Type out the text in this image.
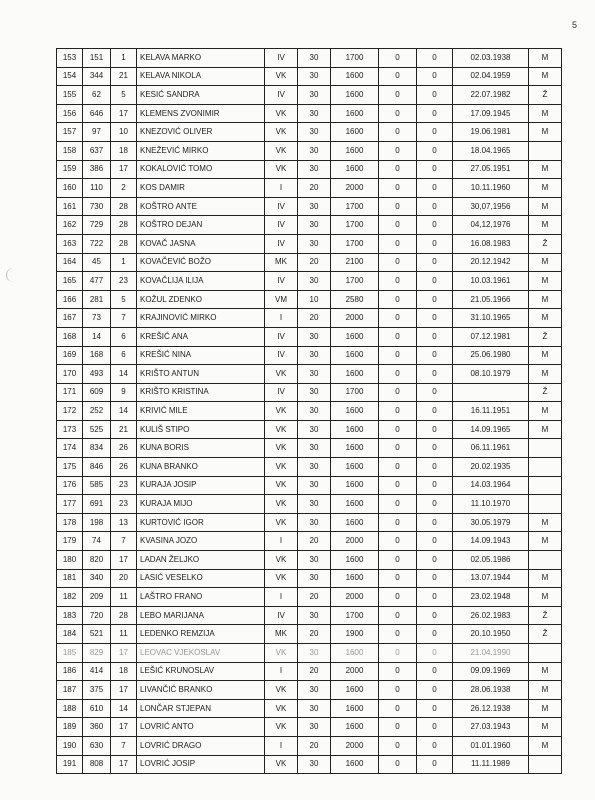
5
153	151	1	KELAVA MARKO	IV	30	1700	0	0	02.03.1938	M
154	344	21	KELAVA NIKOLA	VK	30	1600	0	0	02.04.1959	M
155	62	5	KESIĆ SANDRA	IV	30	1600	0	0	22.07.1982	Ž
156	646	17	KLEMENS ZVONIMIR	VK	30	1600	0	0	17.09.1945	M
157	97	10	KNEZOVIĆ OLIVER	VK	30	1600	0	0	19.06.1981	M
158	637	18	KNEŽEVIĆ MIRKO	VK	30	1600	0	0	18.04.1965	
159	386	17	KOKALOVIĆ TOMO	VK	30	1600	0	0	27.05.1951	M
160	110	2	KOS DAMIR	I	20	2000	0	0	10.11.1960	M
161	730	28	KOŠTRO ANTE	IV	30	1700	0	0	30,07,1956	M
162	729	28	KOŠTRO DEJAN	IV	30	1700	0	0	04,12,1976	M
163	722	28	KOVAČ JASNA	IV	30	1700	0	0	16.08.1983	Ž
164	45	1	KOVAČEVIĆ BOŽO	MK	20	2100	0	0	20.12.1942	M
165	477	23	KOVAČLIJA ILIJA	IV	30	1700	0	0	10.03.1961	M
166	281	5	KOŽUL ZDENKO	VM	10	2580	0	0	21.05.1966	M
167	73	7	KRAJINOVIĆ MIRKO	I	20	2000	0	0	31.10.1965	M
168	14	6	KREŠIĆ ANA	IV	30	1600	0	0	07.12.1981	Ž
169	168	6	KREŠIĆ NINA	IV	30	1600	0	0	25.06.1980	M
170	493	14	KRIŠTO ANTUN	VK	30	1600	0	0	08.10.1979	M
171	609	9	KRIŠTO KRISTINA	IV	30	1700	0	0		Ž
172	252	14	KRIVIĆ MILE	VK	30	1600	0	0	16.11.1951	M
173	525	21	KULIŠ STIPO	VK	30	1600	0	0	14.09.1965	M
174	834	26	KUNA BORIS	VK	30	1600	0	0	06.11.1961	
175	846	26	KUNA BRANKO	VK	30	1600	0	0	20.02.1935	
176	585	23	KURAJA JOSIP	VK	30	1600	0	0	14.03.1964	
177	691	23	KURAJA MIJO	VK	30	1600	0	0	11.10.1970	
178	198	13	KURTOVIĆ IGOR	VK	30	1600	0	0	30.05.1979	M
179	74	7	KVASINA JOZO	I	20	2000	0	0	14.09.1943	M
180	820	17	LADAN ŽELJKO	VK	30	1600	0	0	02.05.1986	
181	340	20	LASIĆ VESELKO	VK	30	1600	0	0	13.07.1944	M
182	209	11	LAŠTRO FRANO	I	20	2000	0	0	23.02.1948	M
183	720	28	LEBO MARIJANA	IV	30	1700	0	0	26.02.1983	Ž
184	521	11	LEDENKO REMZIJA	MK	20	1900	0	0	20.10.1950	Ž
185	829	17	LEOVAC VJEKOSLAV	VK	30	1600	0	0	21.04.1990	
186	414	18	LEŠIĆ KRUNOSLAV	I	20	2000	0	0	09.09.1969	M
187	375	17	LIVANČIĆ BRANKO	VK	30	1600	0	0	28.06.1938	M
188	610	14	LONČAR STJEPAN	VK	30	1600	0	0	26.12.1938	M
189	360	17	LOVRIĆ ANTO	VK	30	1600	0	0	27.03.1943	M
190	630	7	LOVRIĆ DRAGO	I	20	2000	0	0	01.01.1960	M
191	808	17	LOVRIĆ JOSIP	VK	30	1600	0	0	11.11.1989	
